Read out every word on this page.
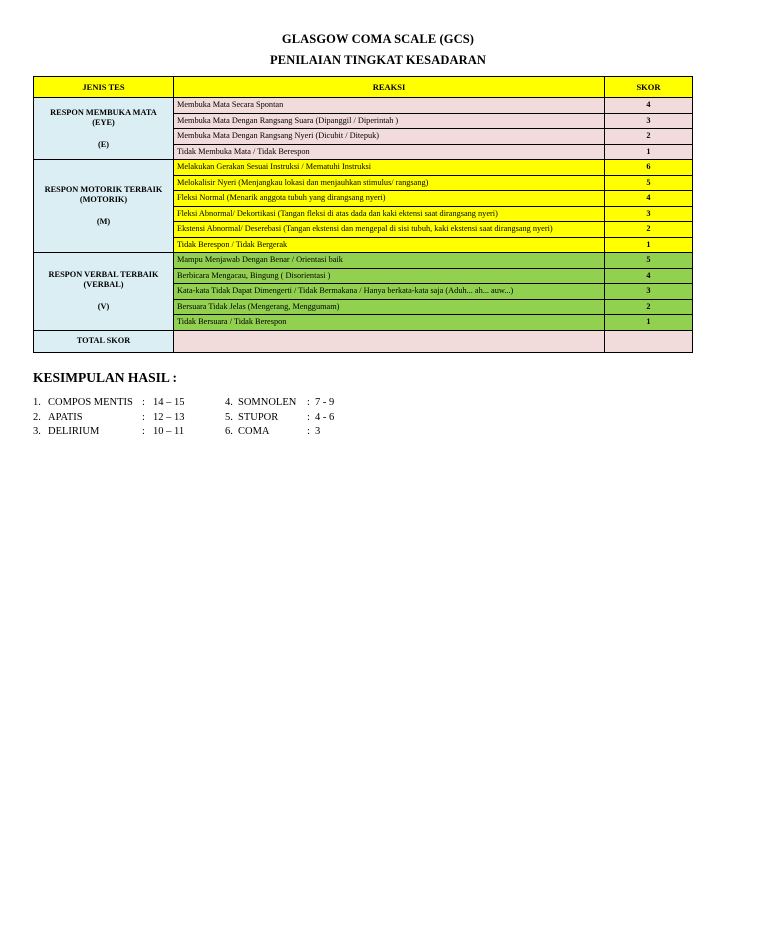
GLASGOW COMA SCALE (GCS)
PENILAIAN TINGKAT KESADARAN
JENIS TES	REAKSI	SKOR

RESPON MEMBUKA MATA
(EYE)
(E)	Membuka Mata Secara Spontan	4
	Membuka Mata Dengan Rangsang Suara (Dipanggil / Diperintah )	3
	Membuka Mata Dengan Rangsang Nyeri (Dicubit / Ditepuk)	2
	Tidak Membuka Mata / Tidak Berespon	1

RESPON MOTORIK TERBAIK
(MOTORIK)
(M)	Melakukan Gerakan Sesuai Instruksi / Mematuhi Instruksi	6
	Melokalisir Nyeri (Menjangkau lokasi dan menjauhkan stimulus/ rangsang)	5
	Fleksi Normal (Menarik anggota tubuh yang dirangsang nyeri)	4
	Fleksi Abnormal/ Dekortikasi (Tangan fleksi di atas dada dan kaki ektensi saat dirangsang nyeri)	3
	Ekstensi Abnormal/ Deserebasi (Tangan ekstensi dan mengepal di sisi tubuh, kaki ekstensi saat dirangsang nyeri)	2
	Tidak Berespon / Tidak Bergerak	1

RESPON VERBAL TERBAIK
(VERBAL)
(V)	Mampu Menjawab Dengan Benar / Orientasi baik	5
	Berbicara Mengacau, Bingung ( Disorientasi )	4
	Kata-kata Tidak Dapat Dimengerti / Tidak Bermakana / Hanya berkata-kata saja (Aduh... ah... auw...)	3
	Bersuara Tidak Jelas (Mengerang, Menggumam)	2
	Tidak Bersuara / Tidak Berespon	1
TOTAL SKOR		
KESIMPULAN HASIL :
1. COMPOS MENTIS : 14 – 15
2. APATIS	: 12 – 13
3. DELIRIUM	: 10 – 11
4. SOMNOLEN : 7 - 9
5. STUPOR	: 4 - 6
6. COMA	: 3
